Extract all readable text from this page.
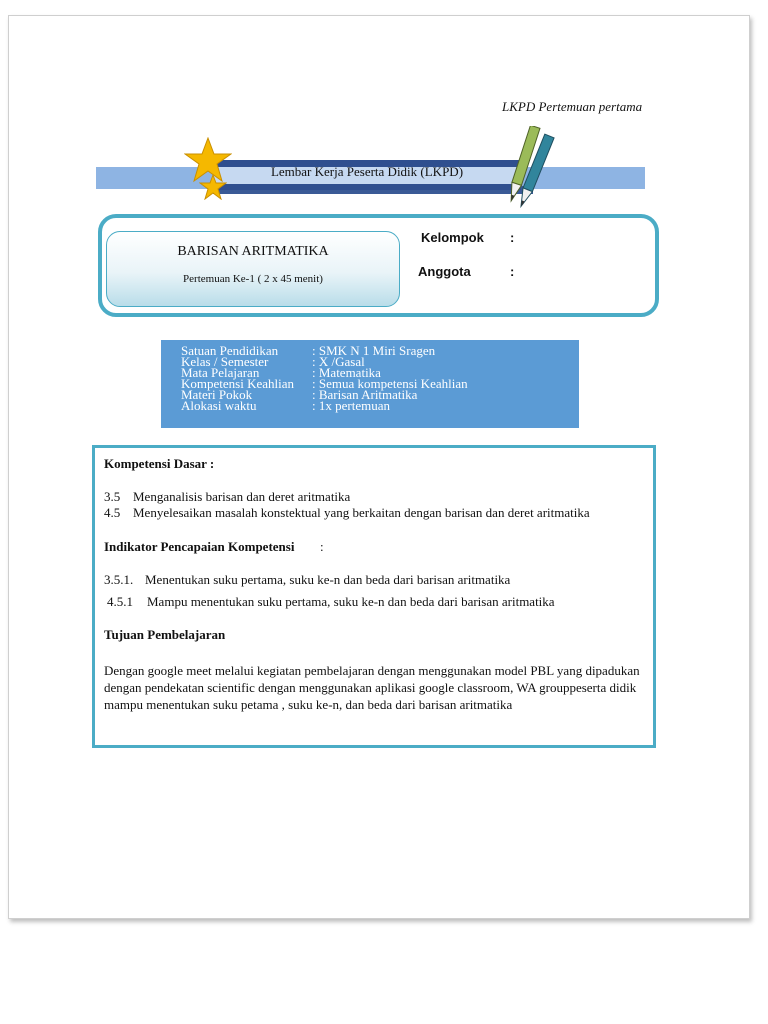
LKPD Pertemuan pertama
Lembar Kerja Peserta Didik (LKPD)
BARISAN ARITMATIKA
Pertemuan Ke-1 ( 2 x 45 menit)
Kelompok :
Anggota	:
Satuan Pendidikan	: SMK N 1 Miri Sragen
Kelas / Semester	: X /Gasal
Mata Pelajaran	: Matematika
Kompetensi Keahlian : Semua kompetensi Keahlian
Materi Pokok	: Barisan Aritmatika
Alokasi waktu	: 1x pertemuan
Kompetensi Dasar :
3.5 Menganalisis barisan dan deret aritmatika
4.5 Menyelesaikan masalah konstektual yang berkaitan dengan barisan dan deret aritmatika
Indikator Pencapaian Kompetensi :
3.5.1. Menentukan suku pertama, suku ke-n dan beda dari barisan aritmatika
4.5.1 Mampu menentukan suku pertama, suku ke-n dan beda dari barisan aritmatika
Tujuan Pembelajaran
Dengan google meet melalui kegiatan pembelajaran dengan menggunakan model PBL yang dipadukan dengan pendekatan scientific dengan menggunakan aplikasi google classroom, WA grouppeserta didik mampu menentukan suku petama , suku ke-n, dan beda dari barisan aritmatika
